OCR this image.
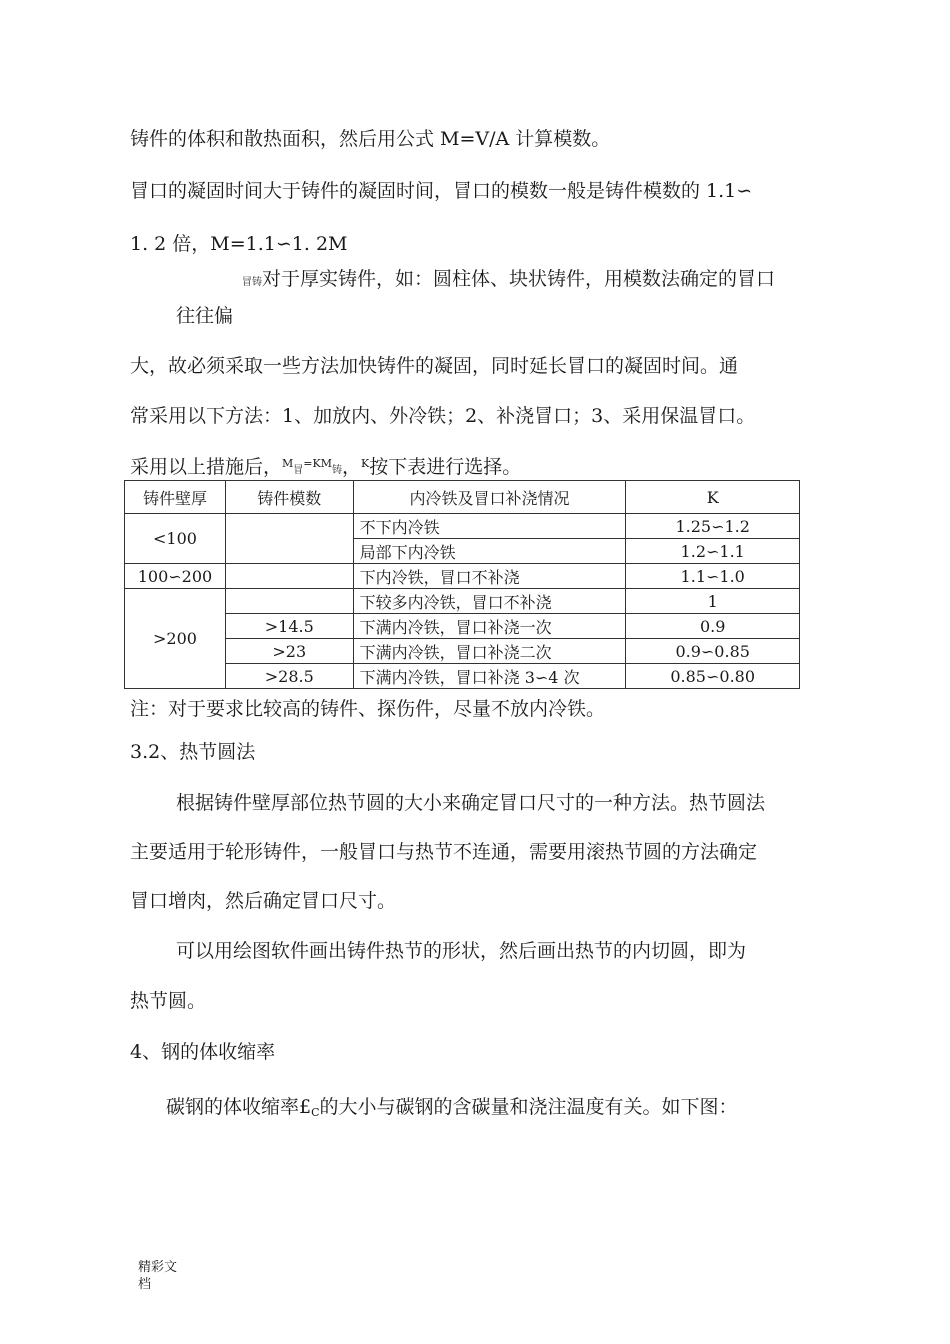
铸件的体积和散热面积，然后用公式 M=V/A 计算模数。
冒口的凝固时间大于铸件的凝固时间，冒口的模数一般是铸件模数的 1.1∽
1. 2 倍，M=1.1∽1. 2M
冒铸对于厚实铸件，如：圆柱体、块状铸件，用模数法确定的冒口
往往偏
大，故必须采取一些方法加快铸件的凝固，同时延长冒口的凝固时间。通
常采用以下方法：1、加放内、外冷铁；2、补浇冒口；3、采用保温冒口。
采用以上措施后，$^M$冒$^{=KM}$铸，$^K$按下表进行选择。
铸件壁厚	铸件模数	内冷铁及冒口补浇情况	K
<100		不下内冷铁	1.25∽1.2
		局部下内冷铁	1.2∽1.1
100∽200		下内冷铁，冒口不补浇	1.1∽1.0
>200		下较多内冷铁，冒口不补浇	1
	>14.5	下满内冷铁，冒口补浇一次	0.9
	>23	下满内冷铁，冒口补浇二次	0.9∽0.85
	>28.5	下满内冷铁，冒口补浇 3∽4 次	0.85∽0.80
注：对于要求比较高的铸件、探伤件，尽量不放内冷铁。
3.2、热节圆法
根据铸件壁厚部位热节圆的大小来确定冒口尺寸的一种方法。热节圆法
主要适用于轮形铸件，一般冒口与热节不连通，需要用滚热节圆的方法确定
冒口增肉，然后确定冒口尺寸。
可以用绘图软件画出铸件热节的形状，然后画出热节的内切圆，即为
热节圆。
4、钢的体收缩率
碳钢的体收缩率£C的大小与碳钢的含碳量和浇注温度有关。如下图：
精彩文
档
